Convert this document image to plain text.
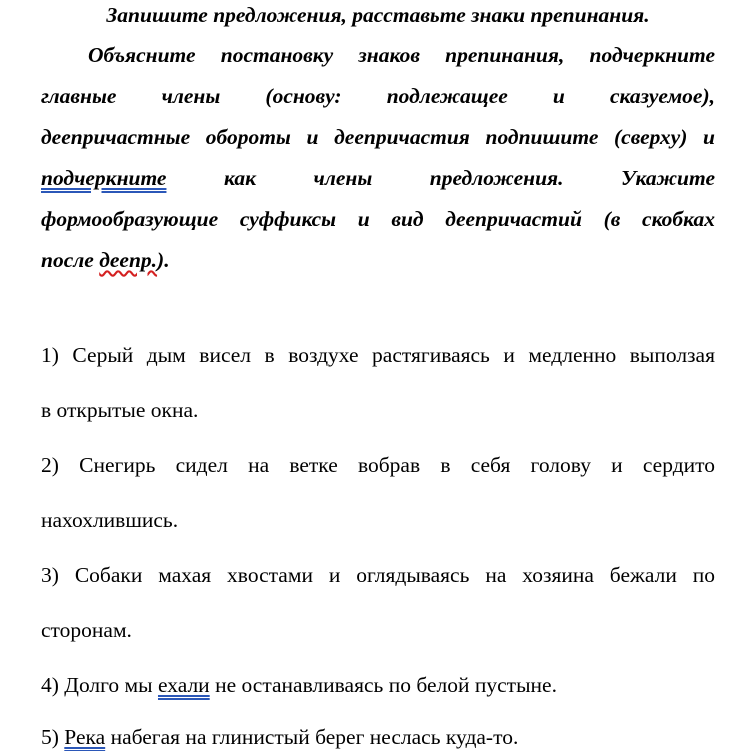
Запишите предложения, расставьте знаки препинания.
Объясните постановку знаков препинания, подчеркните
главные члены (основу: подлежащее и сказуемое),
деепричастные обороты и деепричастия подпишите (сверху) и
подчеркните как члены предложения. Укажите
формообразующие суффиксы и вид деепричастий (в скобках
после деепр.).
1) Серый дым висел в воздухе растягиваясь и медленно выползая
в открытые окна.
2) Снегирь сидел на ветке вобрав в себя голову и сердито
нахохлившись.
3) Собаки махая хвостами и оглядываясь на хозяина бежали по
сторонам.
4) Долго мы ехали не останавливаясь по белой пустыне.
5) Река набегая на глинистый берег неслась куда-то.
